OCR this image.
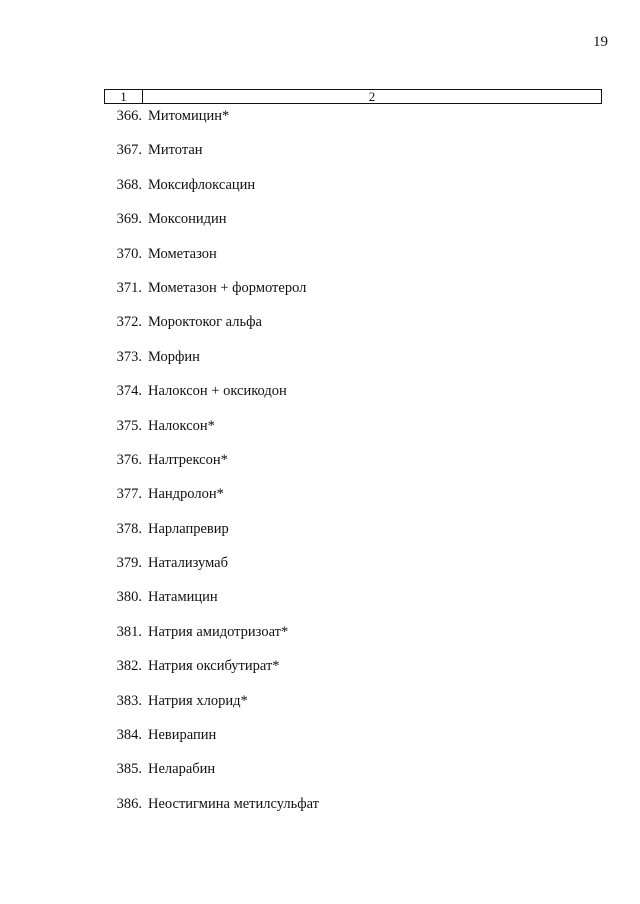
19
1	2
366. Митомицин*
367. Митотан
368. Моксифлоксацин
369. Моксонидин
370. Мометазон
371. Мометазон + формотерол
372. Мороктоког альфа
373. Морфин
374. Налоксон + оксикодон
375. Налоксон*
376. Налтрексон*
377. Нандролон*
378. Нарлапревир
379. Натализумаб
380. Натамицин
381. Натрия амидотризоат*
382. Натрия оксибутират*
383. Натрия хлорид*
384. Невирапин
385. Неларабин
386. Неостигмина метилсульфат
